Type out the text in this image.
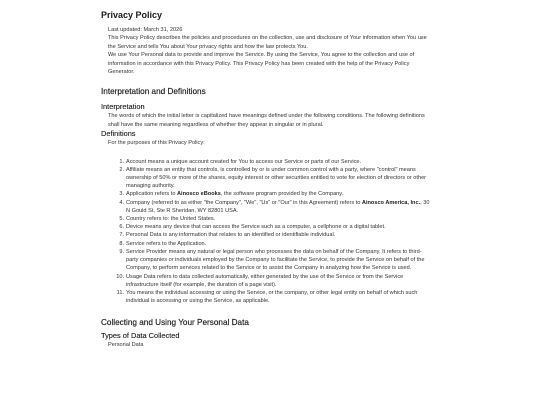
Privacy Policy

Last updated: March 31, 2026

This Privacy Policy describes the policies and procedures on the collection, use and disclosure of Your information when You use the Service and tells You about Your privacy rights and how the law protects You.

We use Your Personal data to provide and improve the Service. By using the Service, You agree to the collection and use of information in accordance with this Privacy Policy. This Privacy Policy has been created with the help of the Privacy Policy Generator.

Interpretation and Definitions
Interpretation

The words of which the initial letter is capitalized have meanings defined under the following conditions. The following definitions shall have the same meaning regardless of whether they appear in singular or in plural.

Definitions

For the purposes of this Privacy Policy:

1. Account means a unique account created for You to access our Service or parts of our Service.
2. Affiliate means an entity that controls, is controlled by or is under common control with a party, where "control" means ownership of 50% or more of the shares, equity interest or other securities entitled to vote for election of directors or other managing authority.
3. Application refers to Ainosco eBooks, the software program provided by the Company.
4. Company (referred to as either "the Company", "We", "Us" or "Our" in this Agreement) refers to Ainosco America, Inc., 30 N Gould St, Ste R Sheridan, WY 82801 USA.
5. Country refers to: the United States.
6. Device means any device that can access the Service such as a computer, a cellphone or a digital tablet.
7. Personal Data is any information that relates to an identified or identifiable individual.
8. Service refers to the Application.
9. Service Provider means any natural or legal person who processes the data on behalf of the Company. It refers to third-party companies or individuals employed by the Company to facilitate the Service, to provide the Service on behalf of the Company, to perform services related to the Service or to assist the Company in analyzing how the Service is used.
10. Usage Data refers to data collected automatically, either generated by the use of the Service or from the Service infrastructure itself (for example, the duration of a page visit).
11. You means the individual accessing or using the Service, or the company, or other legal entity on behalf of which such individual is accessing or using the Service, as applicable.
Collecting and Using Your Personal Data
Types of Data Collected

Personal Data
